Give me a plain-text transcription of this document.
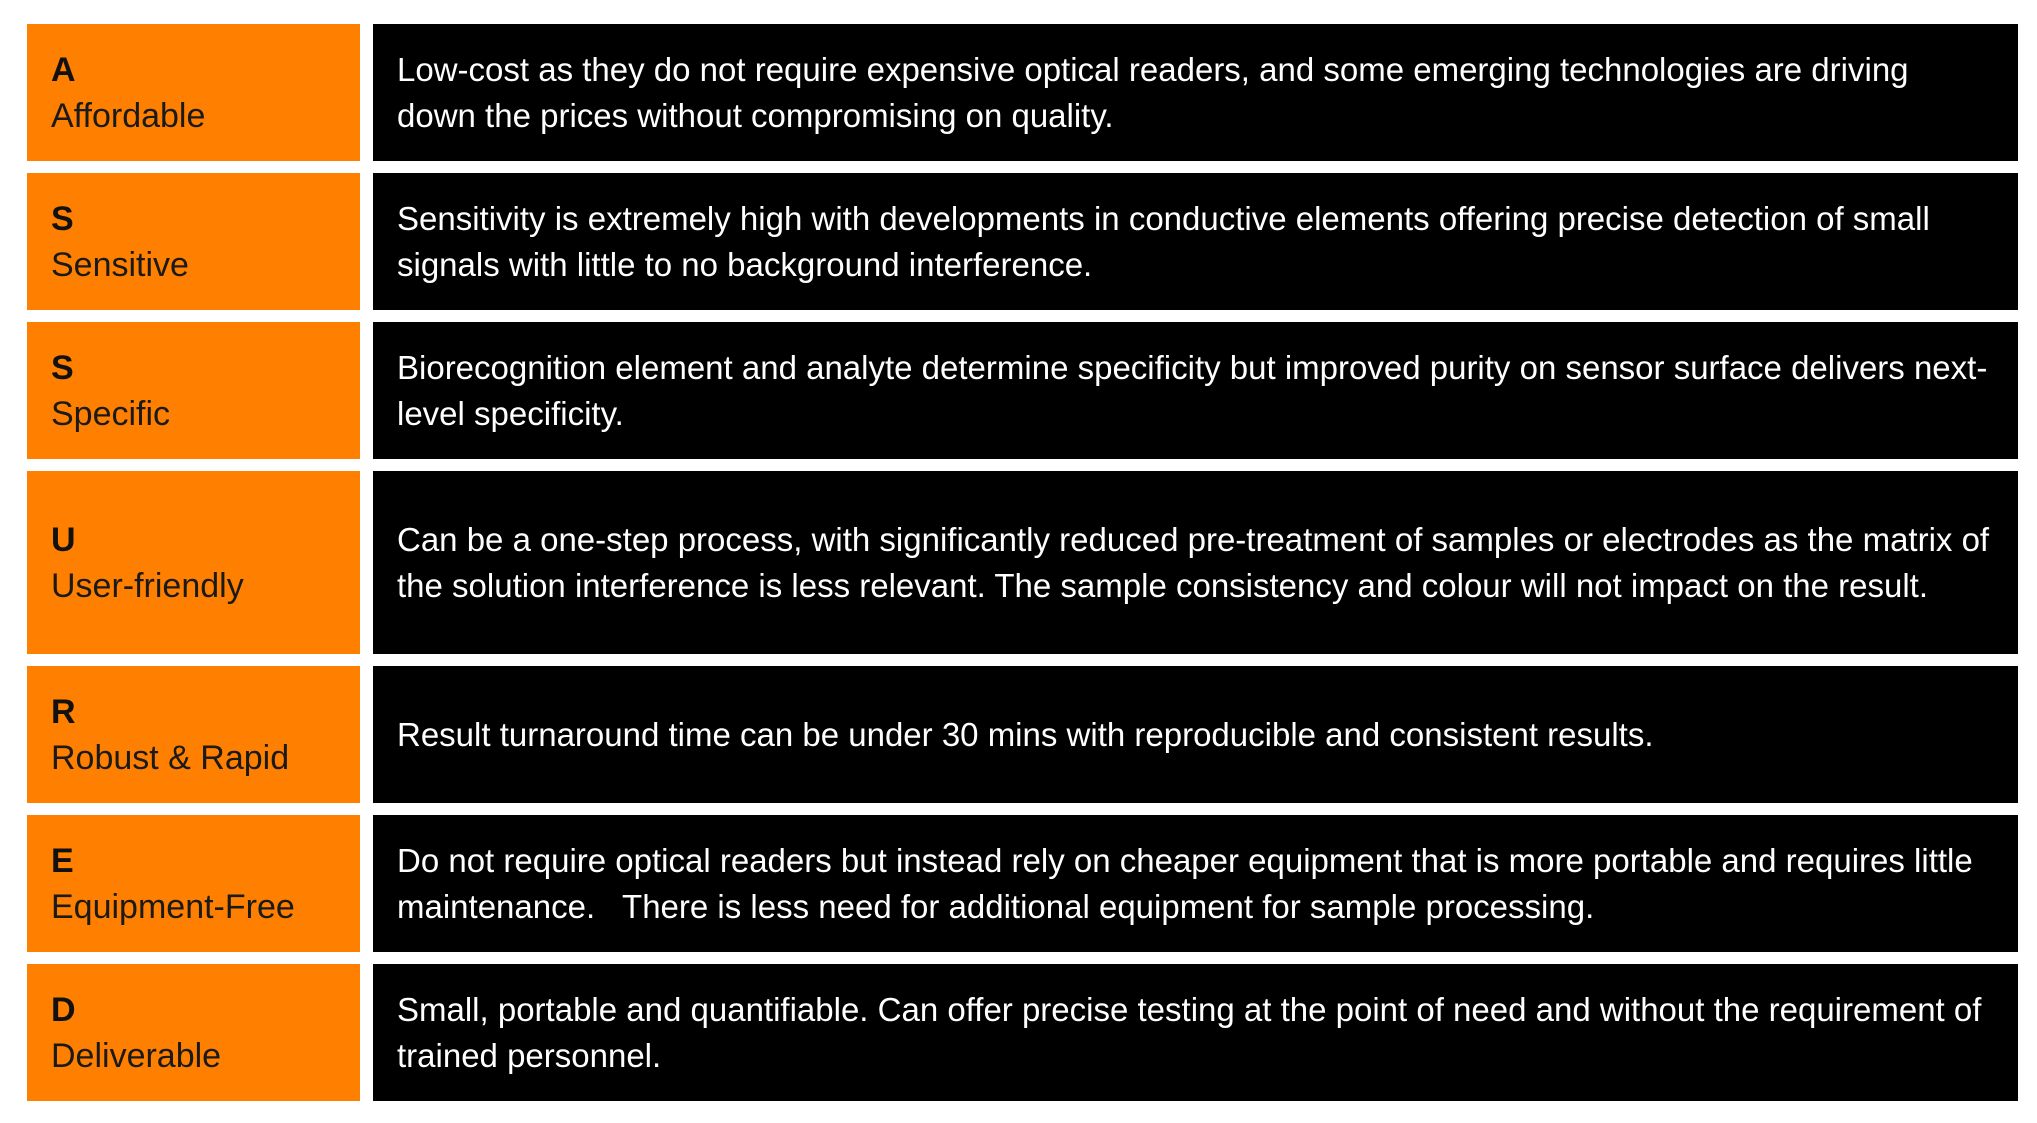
A
Affordable
Low-cost as they do not require expensive optical readers, and some emerging technologies are driving down the prices without compromising on quality.
S
Sensitive
Sensitivity is extremely high with developments in conductive elements offering precise detection of small signals with little to no background interference.
S
Specific
Biorecognition element and analyte determine specificity but improved purity on sensor surface delivers next-level specificity.
U
User-friendly
Can be a one-step process, with significantly reduced pre-treatment of samples or electrodes as the matrix of the solution interference is less relevant. The sample consistency and colour will not impact on the result.
R
Robust & Rapid
Result turnaround time can be under 30 mins with reproducible and consistent results.
E
Equipment-Free
Do not require optical readers but instead rely on cheaper equipment that is more portable and requires little maintenance.   There is less need for additional equipment for sample processing.
D
Deliverable
Small, portable and quantifiable. Can offer precise testing at the point of need and without the requirement of trained personnel.
